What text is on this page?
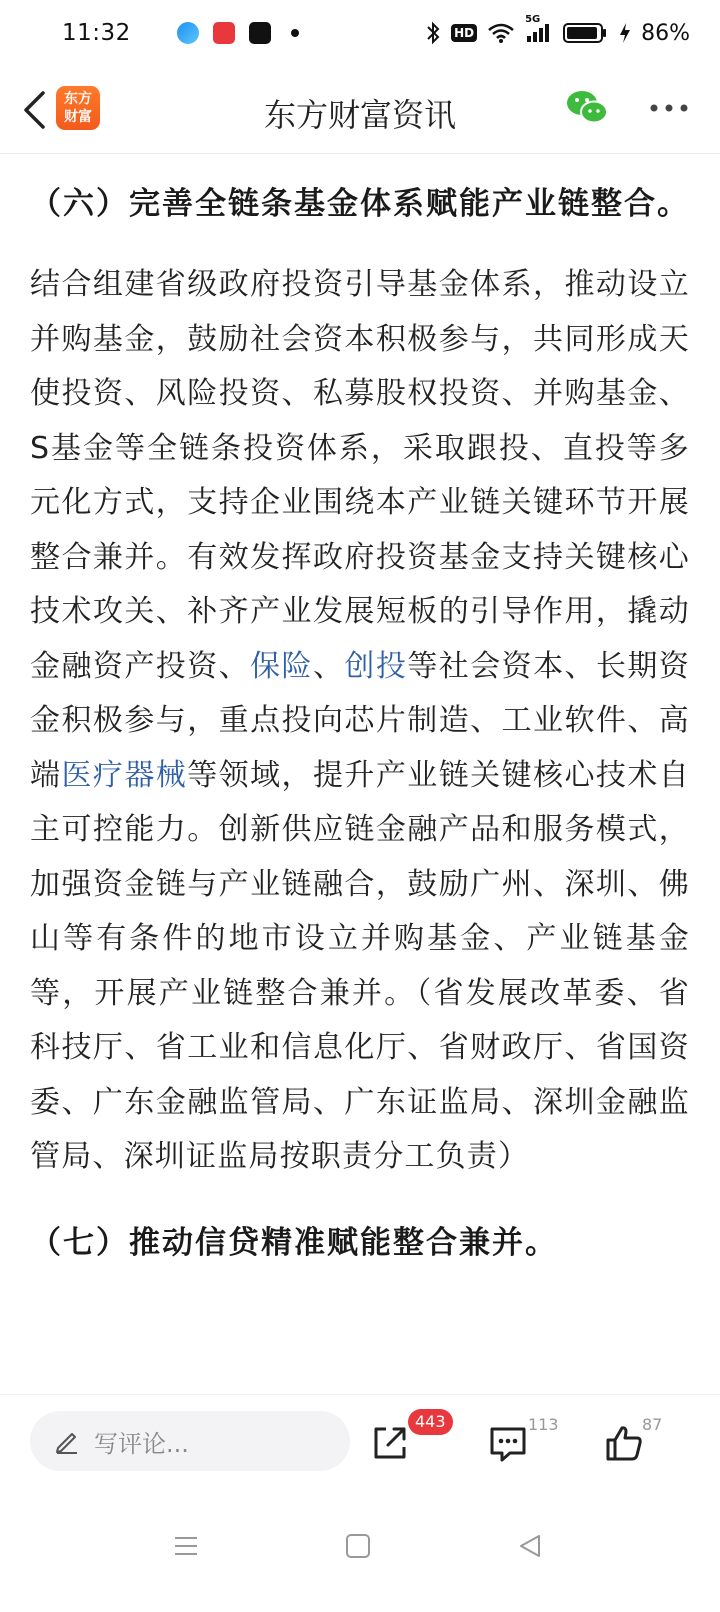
11:32	HD
5G
86%
东方
财富	东方财富资讯
（六）完善全链条基金体系赋能产业链整合。
结合组建省级政府投资引导基金体系，推动设立并购基金，鼓励社会资本积极参与，共同形成天使投资、风险投资、私募股权投资、并购基金、S基金等全链条投资体系，采取跟投、直投等多元化方式，支持企业围绕本产业链关键环节开展整合兼并。有效发挥政府投资基金支持关键核心技术攻关、补齐产业发展短板的引导作用，撬动金融资产投资、保险、创投等社会资本、长期资金积极参与，重点投向芯片制造、工业软件、高端医疗器械等领域，提升产业链关键核心技术自主可控能力。创新供应链金融产品和服务模式，加强资金链与产业链融合，鼓励广州、深圳、佛山等有条件的地市设立并购基金、产业链基金等，开展产业链整合兼并。（省发展改革委、省科技厅、省工业和信息化厅、省财政厅、省国资委、广东金融监管局、广东证监局、深圳金融监管局、深圳证监局按职责分工负责）
（七）推动信贷精准赋能整合兼并。
写评论...
443	113	87
